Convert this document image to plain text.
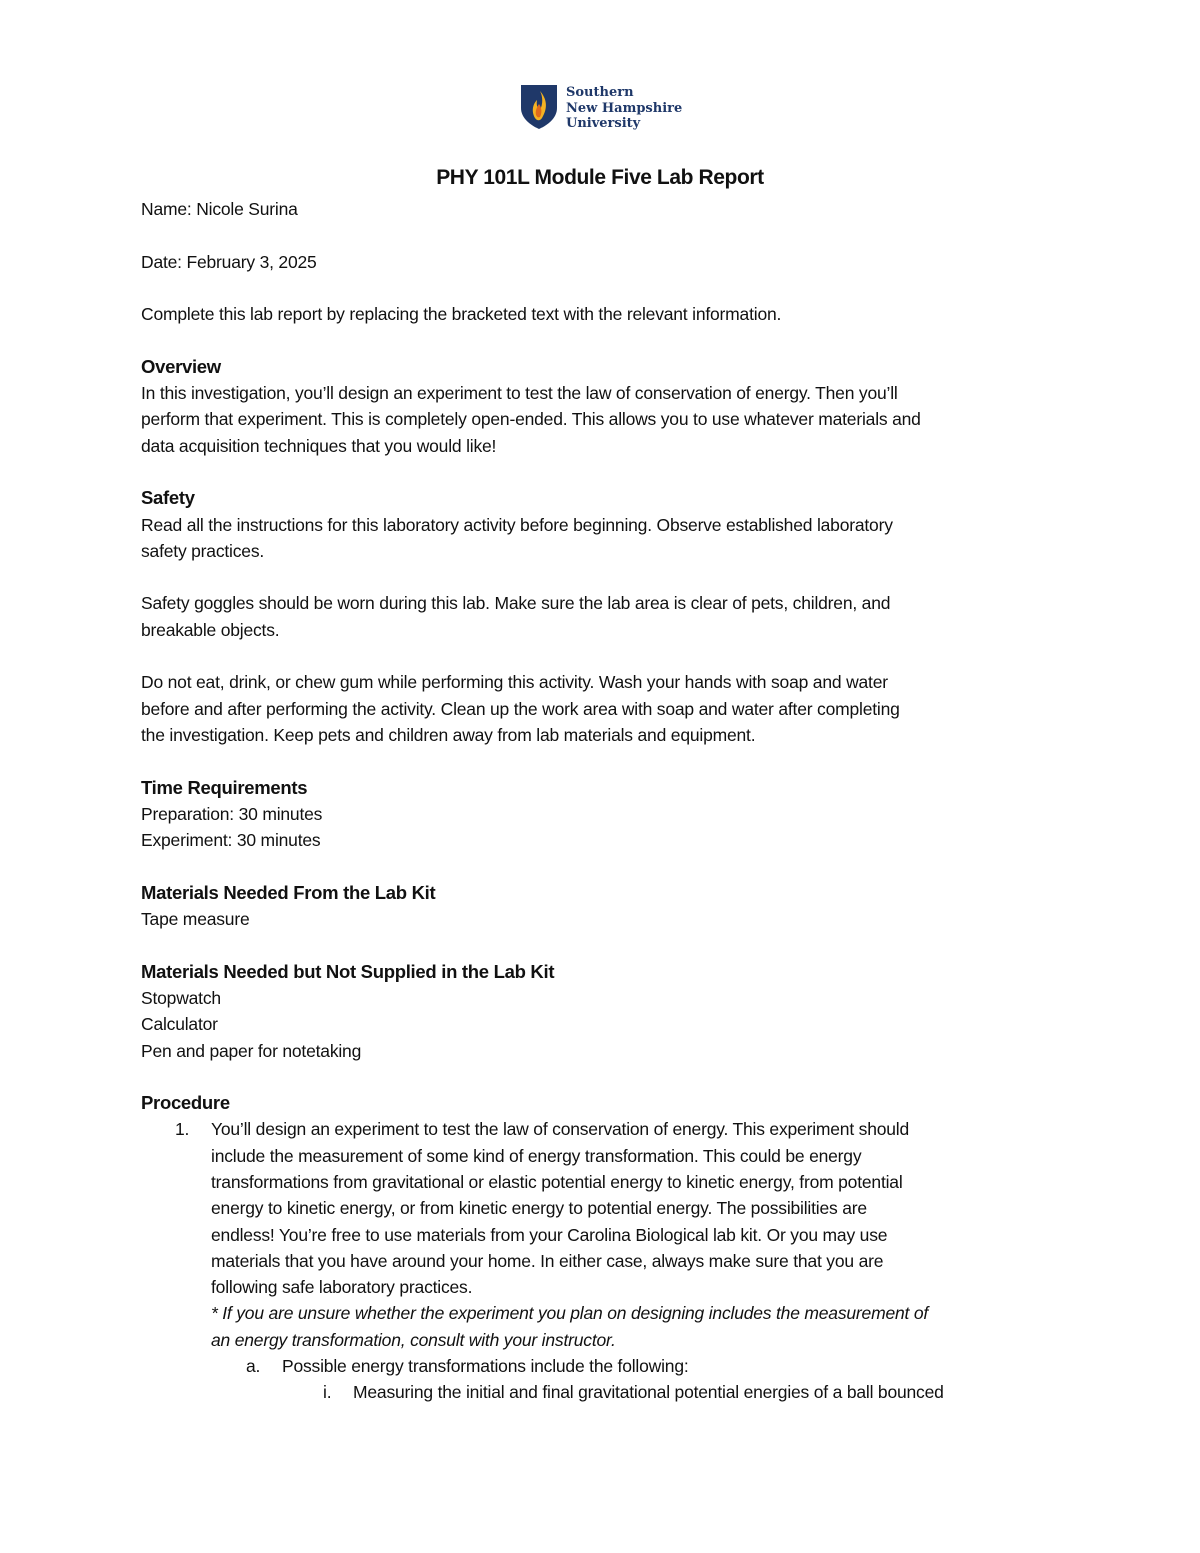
Southern
New Hampshire
University
PHY 101L Module Five Lab Report

Name: Nicole Surina

Date: February 3, 2025

Complete this lab report by replacing the bracketed text with the relevant information.

Overview

In this investigation, you’ll design an experiment to test the law of conservation of energy. Then you’ll

perform that experiment. This is completely open-ended. This allows you to use whatever materials and

data acquisition techniques that you would like!

Safety

Read all the instructions for this laboratory activity before beginning. Observe established laboratory

safety practices.

Safety goggles should be worn during this lab. Make sure the lab area is clear of pets, children, and

breakable objects.

Do not eat, drink, or chew gum while performing this activity. Wash your hands with soap and water

before and after performing the activity. Clean up the work area with soap and water after completing

the investigation. Keep pets and children away from lab materials and equipment.

Time Requirements

Preparation: 30 minutes

Experiment: 30 minutes

Materials Needed From the Lab Kit

Tape measure

Materials Needed but Not Supplied in the Lab Kit

Stopwatch

Calculator

Pen and paper for notetaking

Procedure

1. You’ll design an experiment to test the law of conservation of energy. This experiment should

include the measurement of some kind of energy transformation. This could be energy

transformations from gravitational or elastic potential energy to kinetic energy, from potential

energy to kinetic energy, or from kinetic energy to potential energy. The possibilities are

endless! You’re free to use materials from your Carolina Biological lab kit. Or you may use

materials that you have around your home. In either case, always make sure that you are

following safe laboratory practices.

* If you are unsure whether the experiment you plan on designing includes the measurement of

an energy transformation, consult with your instructor.

a. Possible energy transformations include the following:

i. Measuring the initial and final gravitational potential energies of a ball bounced
